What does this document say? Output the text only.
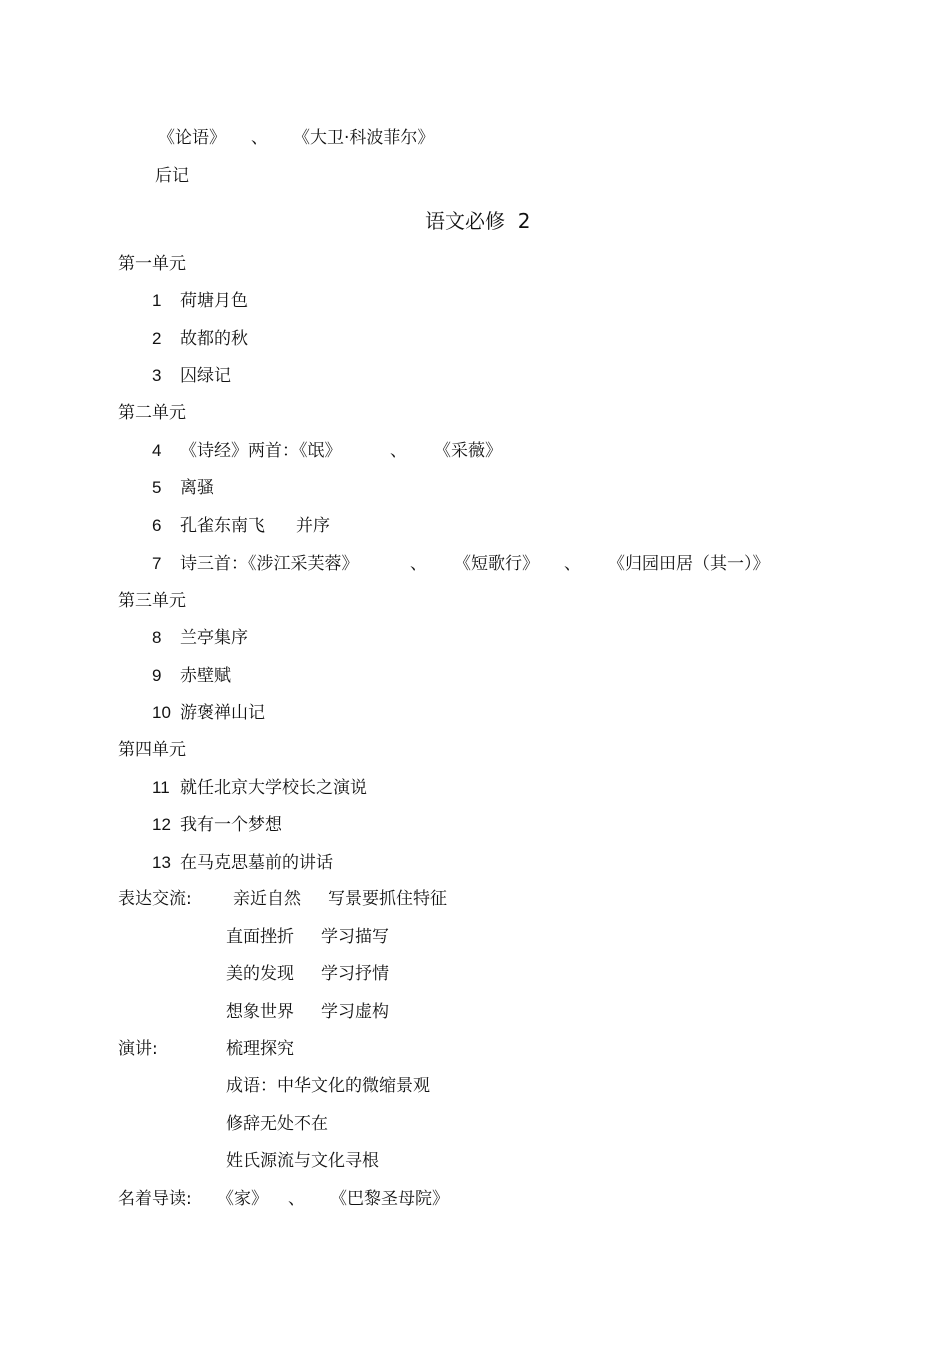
《论语》 、 《大卫·科波菲尔》
后记
语文必修  2
第一单元
1 荷塘月色
2 故都的秋
3 囚绿记
第二单元
4 《诗经》两首：《氓》	、 《采薇》
5 离骚
6 孔雀东南飞 并序
7 诗三首：《涉江采芙蓉》	、 《短歌行》 、 《归园田居（其一）》
第三单元
8 兰亭集序
9 赤壁赋
10 游褒禅山记
第四单元
11 就任北京大学校长之演说
12 我有一个梦想
13 在马克思墓前的讲话
表达交流: 亲近自然 写景要抓住特征
直面挫折 学习描写
美的发现 学习抒情
想象世界 学习虚构
演讲:	梳理探究
成语：中华文化的微缩景观
修辞无处不在
姓氏源流与文化寻根
名着导读: 《家》 、 《巴黎圣母院》
